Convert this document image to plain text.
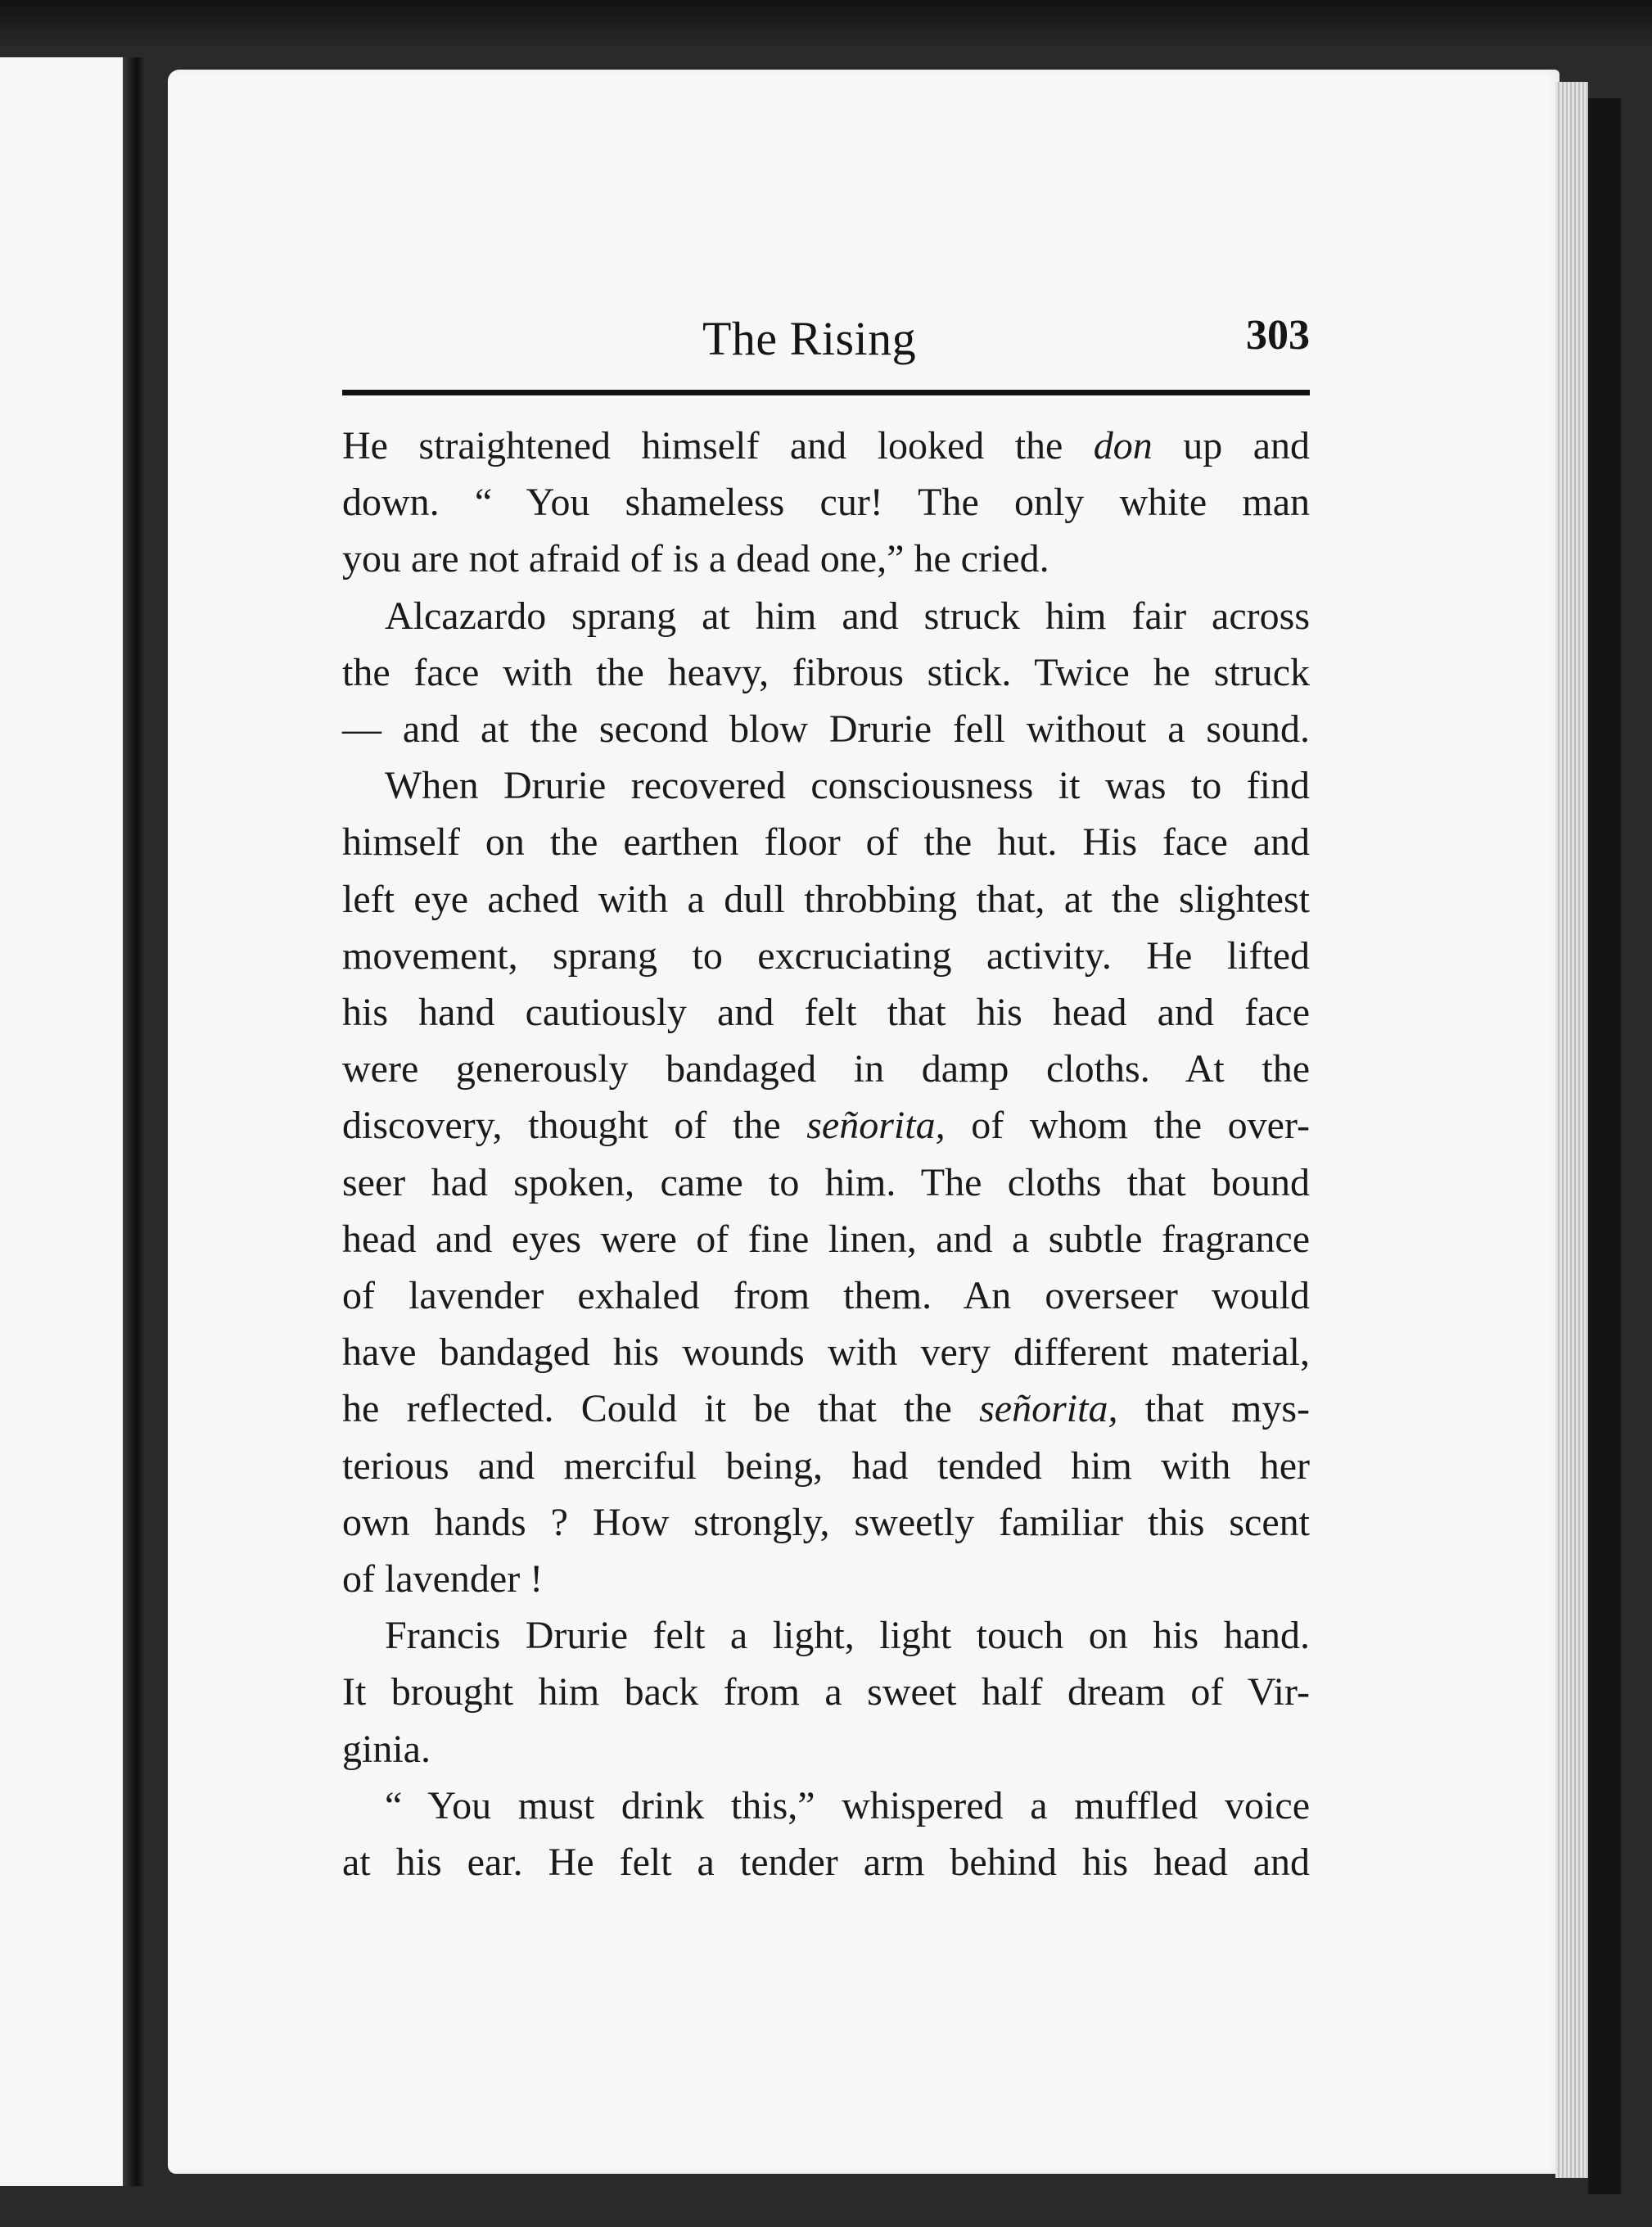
The Rising	303
He straightened himself and looked the don up and
down. “ You shameless cur! The only white man
you are not afraid of is a dead one,” he cried.
Alcazardo sprang at him and struck him fair across
the face with the heavy, fibrous stick. Twice he struck
— and at the second blow Drurie fell without a sound.
When Drurie recovered consciousness it was to find
himself on the earthen floor of the hut. His face and
left eye ached with a dull throbbing that, at the slightest
movement, sprang to excruciating activity. He lifted
his hand cautiously and felt that his head and face
were generously bandaged in damp cloths. At the
discovery, thought of the señorita, of whom the over-
seer had spoken, came to him. The cloths that bound
head and eyes were of fine linen, and a subtle fragrance
of lavender exhaled from them. An overseer would
have bandaged his wounds with very different material,
he reflected. Could it be that the señorita, that mys-
terious and merciful being, had tended him with her
own hands ? How strongly, sweetly familiar this scent
of lavender !
Francis Drurie felt a light, light touch on his hand.
It brought him back from a sweet half dream of Vir-
ginia.
“ You must drink this,” whispered a muffled voice
at his ear. He felt a tender arm behind his head and
